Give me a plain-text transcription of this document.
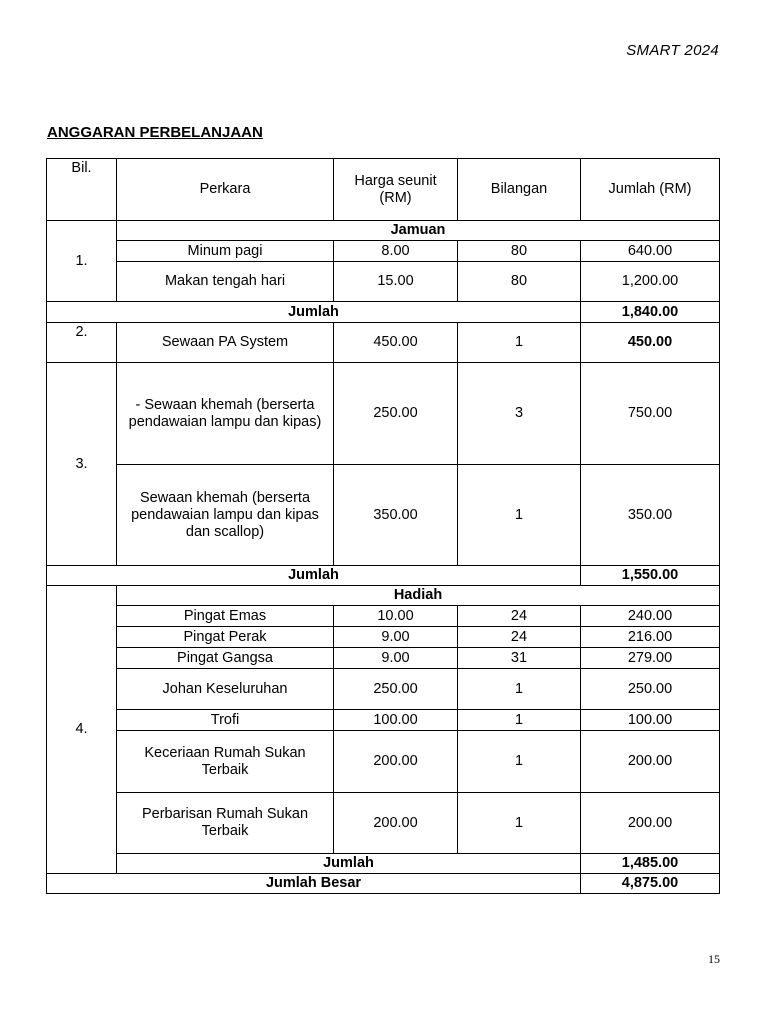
SMART 2024
ANGGARAN PERBELANJAAN
Bil.	Perkara	Harga seunit (RM)	Bilangan	Jumlah (RM)
1.	Jamuan			
	Minum pagi	8.00	80	640.00
	Makan tengah hari	15.00	80	1,200.00
Jumlah				1,840.00
2.	Sewaan PA System	450.00	1	450.00
3.	- Sewaan khemah (berserta pendawaian lampu dan kipas)	250.00	3	750.00
	Sewaan khemah (berserta pendawaian lampu dan kipas dan scallop)	350.00	1	350.00
Jumlah				1,550.00
4.	Hadiah			
	Pingat Emas	10.00	24	240.00
	Pingat Perak	9.00	24	216.00
	Pingat Gangsa	9.00	31	279.00
	Johan Keseluruhan	250.00	1	250.00
	Trofi	100.00	1	100.00
	Keceriaan Rumah Sukan Terbaik	200.00	1	200.00
	Perbarisan Rumah Sukan Terbaik	200.00	1	200.00
	Jumlah			1,485.00
Jumlah Besar				4,875.00
15
